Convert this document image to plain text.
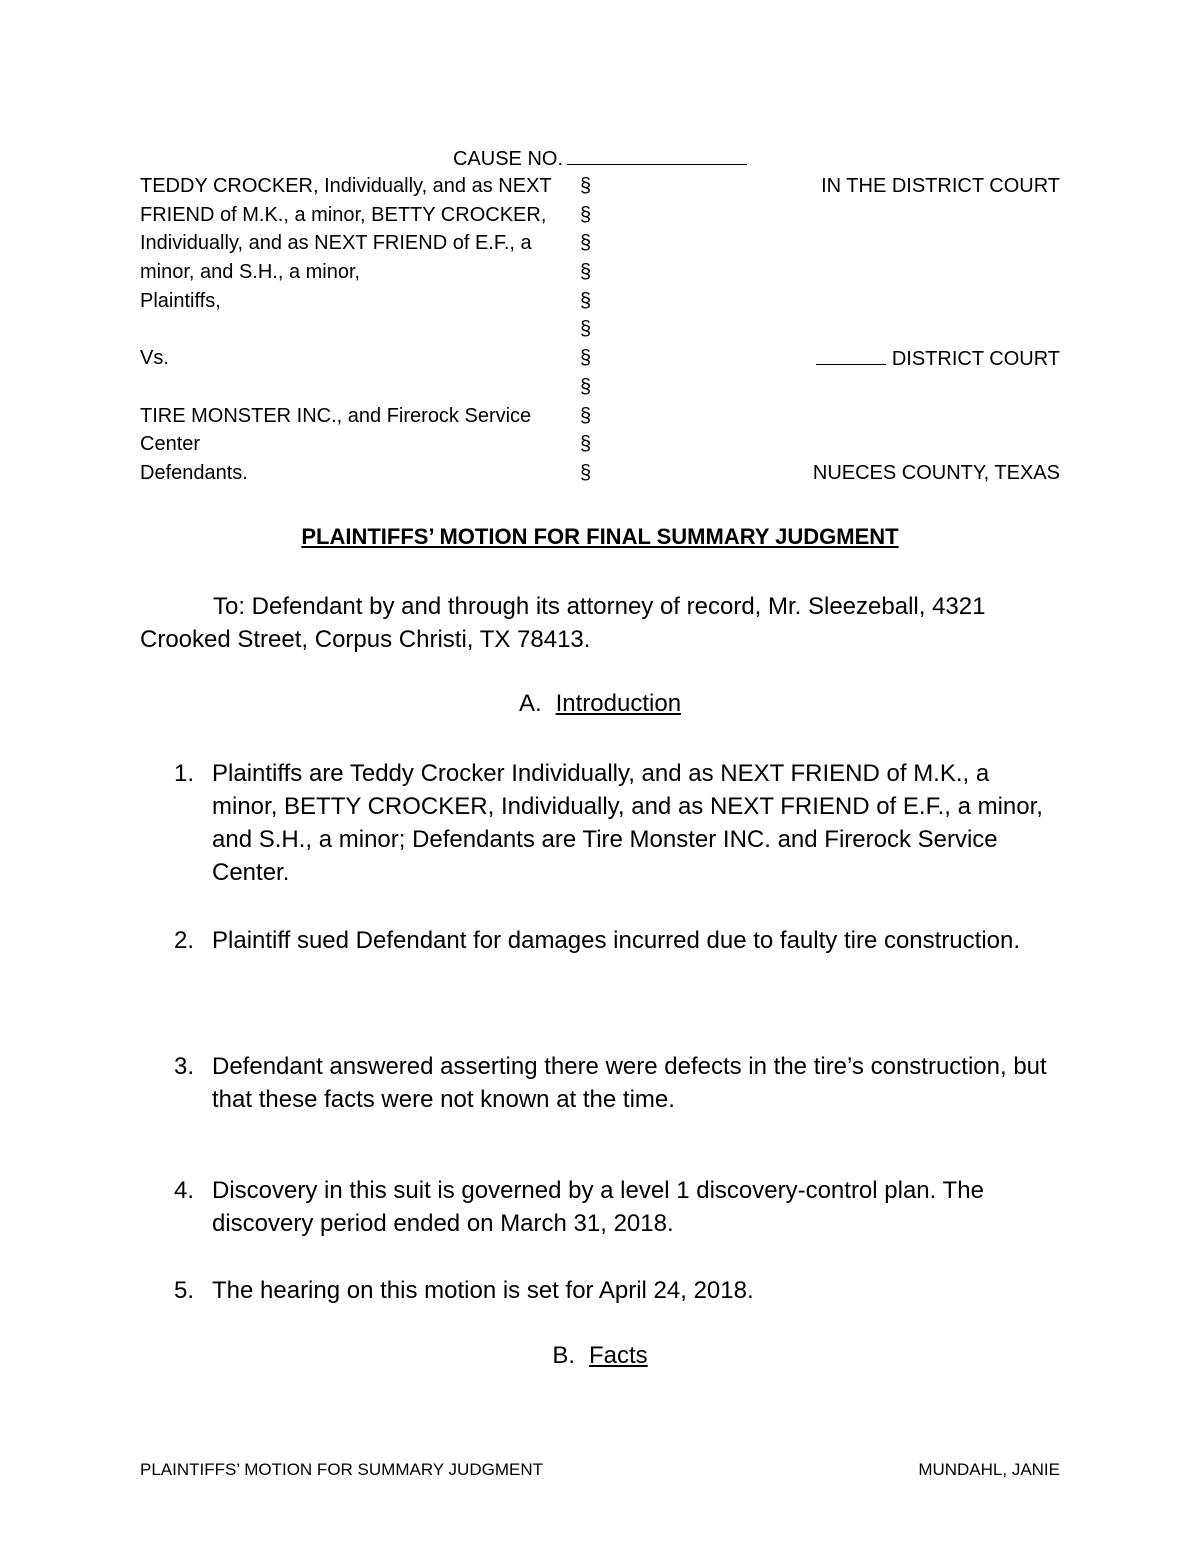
CAUSE NO.
TEDDY CROCKER, Individually, and as NEXT
FRIEND of M.K., a minor, BETTY CROCKER,
Individually, and as NEXT FRIEND of E.F., a
minor, and S.H., a minor,
Plaintiffs,
Vs.
TIRE MONSTER INC., and Firerock Service
Center
Defendants.
§
§
§
§
§
§
§
§
§
§
§
IN THE DISTRICT COURT
DISTRICT COURT
NUECES COUNTY, TEXAS
PLAINTIFFS’ MOTION FOR FINAL SUMMARY JUDGMENT
To: Defendant by and through its attorney of record, Mr. Sleezeball, 4321 Crooked Street, Corpus Christi, TX 78413.
A. Introduction
1. Plaintiffs are Teddy Crocker Individually, and as NEXT FRIEND of M.K., a minor, BETTY CROCKER, Individually, and as NEXT FRIEND of E.F., a minor, and S.H., a minor; Defendants are Tire Monster INC. and Firerock Service Center.
2. Plaintiff sued Defendant for damages incurred due to faulty tire construction.
3. Defendant answered asserting there were defects in the tire’s construction, but that these facts were not known at the time.
4. Discovery in this suit is governed by a level 1 discovery-control plan. The discovery period ended on March 31, 2018.
5. The hearing on this motion is set for April 24, 2018.
B. Facts
PLAINTIFFS’ MOTION FOR SUMMARY JUDGMENT	MUNDAHL, JANIE
